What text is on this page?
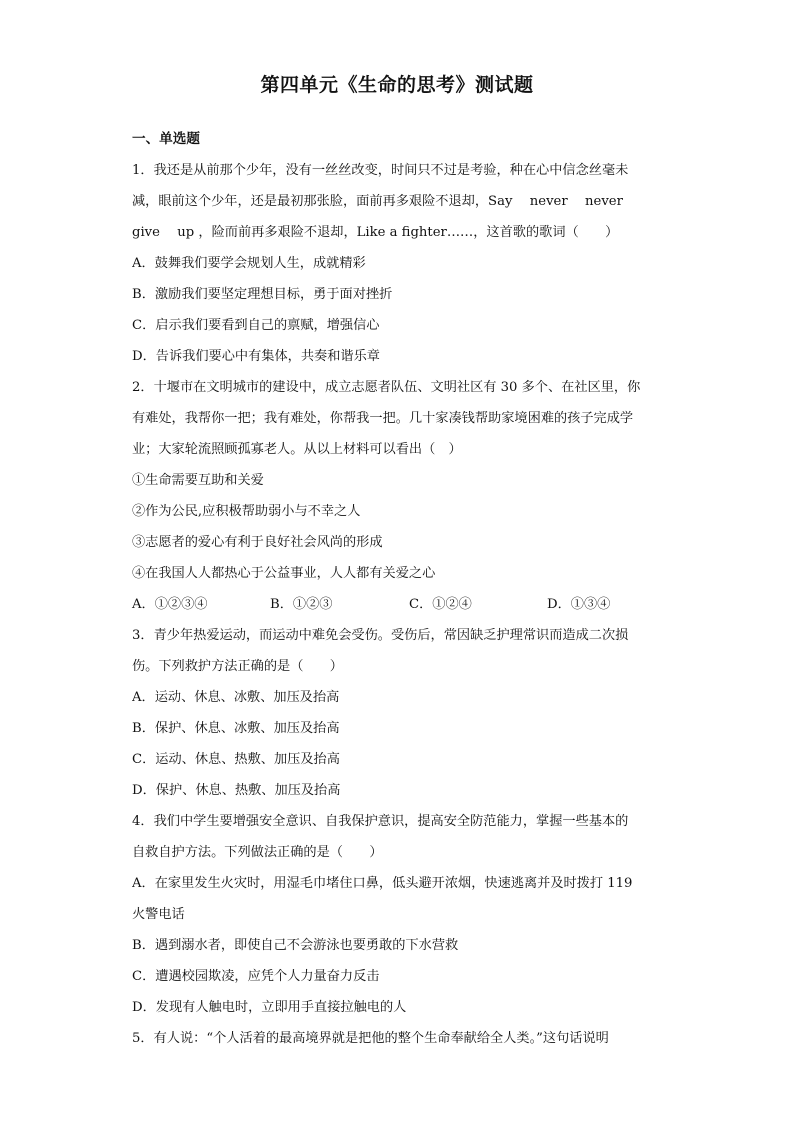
第四单元《生命的思考》测试题
一、单选题
1．我还是从前那个少年，没有一丝丝改变，时间只不过是考验，种在心中信念丝毫未
减，眼前这个少年，还是最初那张脸，面前再多艰险不退却，Say　 never　 never
give　 up ，险而前再多艰险不退却，Like a fighter……，这首歌的歌词（　　）
A．鼓舞我们要学会规划人生，成就精彩
B．激励我们要坚定理想目标，勇于面对挫折
C．启示我们要看到自己的禀赋，增强信心
D．告诉我们要心中有集体，共奏和谐乐章
2．十堰市在文明城市的建设中，成立志愿者队伍、文明社区有 30 多个、在社区里，你
有难处，我帮你一把；我有难处，你帮我一把。几十家凑钱帮助家境困难的孩子完成学
业；大家轮流照顾孤寡老人。从以上材料可以看出（　）
①生命需要互助和关爱
②作为公民,应积极帮助弱小与不幸之人
③志愿者的爱心有利于良好社会风尚的形成
④在我国人人都热心于公益事业，人人都有关爱之心
A．①②③④	B．①②③	C．①②④	D．①③④
3．青少年热爱运动，而运动中难免会受伤。受伤后，常因缺乏护理常识而造成二次损
伤。下列救护方法正确的是（　　）
A．运动、休息、冰敷、加压及抬高
B．保护、休息、冰敷、加压及抬高
C．运动、休息、热敷、加压及抬高
D．保护、休息、热敷、加压及抬高
4．我们中学生要增强安全意识、自我保护意识，提高安全防范能力，掌握一些基本的
自救自护方法。下列做法正确的是（　　）
A．在家里发生火灾时，用湿毛巾堵住口鼻，低头避开浓烟，快速逃离并及时拨打 119
火警电话
B．遇到溺水者，即使自己不会游泳也要勇敢的下水营救
C．遭遇校园欺凌，应凭个人力量奋力反击
D．发现有人触电时，立即用手直接拉触电的人
5．有人说：“个人活着的最高境界就是把他的整个生命奉献给全人类。”这句话说明
